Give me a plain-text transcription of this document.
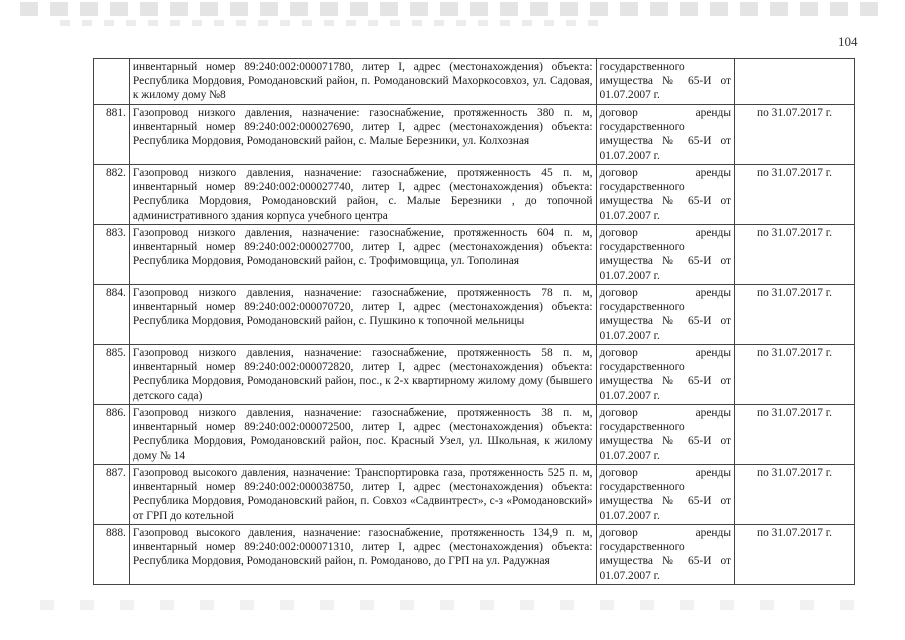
104
	инвентарный номер 89:240:002:000071780, литер I, адрес (местонахождения) объекта: Республика Мордовия, Ромодановский район, п. Ромодановский Махоркосовхоз, ул. Садовая, к жилому дому №8	государственного имущества № 65-И от 01.07.2007 г.	
881.	Газопровод низкого давления, назначение: газоснабжение, протяженность 380 п. м, инвентарный номер 89:240:002:000027690, литер I, адрес (местонахождения) объекта: Республика Мордовия, Ромодановский район, с. Малые Березники, ул. Колхозная	договор аренды государственного имущества № 65-И от 01.07.2007 г.	по 31.07.2017 г.
882.	Газопровод низкого давления, назначение: газоснабжение, протяженность 45 п. м, инвентарный номер 89:240:002:000027740, литер I, адрес (местонахождения) объекта: Республика Мордовия, Ромодановский район, с. Малые Березники , до топочной административного здания корпуса учебного центра	договор аренды государственного имущества № 65-И от 01.07.2007 г.	по 31.07.2017 г.
883.	Газопровод низкого давления, назначение: газоснабжение, протяженность 604 п. м, инвентарный номер 89:240:002:000027700, литер I, адрес (местонахождения) объекта: Республика Мордовия, Ромодановский район, с. Трофимовщица, ул. Тополиная	договор аренды государственного имущества № 65-И от 01.07.2007 г.	по 31.07.2017 г.
884.	Газопровод низкого давления, назначение: газоснабжение, протяженность 78 п. м, инвентарный номер 89:240:002:000070720, литер I, адрес (местонахождения) объекта: Республика Мордовия, Ромодановский район, с. Пушкино к топочной мельницы	договор аренды государственного имущества № 65-И от 01.07.2007 г.	по 31.07.2017 г.
885.	Газопровод низкого давления, назначение: газоснабжение, протяженность 58 п. м, инвентарный номер 89:240:002:000072820, литер I, адрес (местонахождения) объекта: Республика Мордовия, Ромодановский район, пос., к 2-х квартирному жилому дому (бывшего детского сада)	договор аренды государственного имущества № 65-И от 01.07.2007 г.	по 31.07.2017 г.
886.	Газопровод низкого давления, назначение: газоснабжение, протяженность 38 п. м, инвентарный номер 89:240:002:000072500, литер I, адрес (местонахождения) объекта: Республика Мордовия, Ромодановский район, пос. Красный Узел, ул. Школьная, к жилому дому № 14	договор аренды государственного имущества № 65-И от 01.07.2007 г.	по 31.07.2017 г.
887.	Газопровод высокого давления, назначение: Транспортировка газа, протяженность 525 п. м, инвентарный номер 89:240:002:000038750, литер I, адрес (местонахождения) объекта: Республика Мордовия, Ромодановский район, п. Совхоз «Садвинтрест», с-з «Ромодановский» от ГРП до котельной	договор аренды государственного имущества № 65-И от 01.07.2007 г.	по 31.07.2017 г.
888.	Газопровод высокого давления, назначение: газоснабжение, протяженность 134,9 п. м, инвентарный номер 89:240:002:000071310, литер I, адрес (местонахождения) объекта: Республика Мордовия, Ромодановский район, п. Ромоданово, до ГРП на ул. Радужная	договор аренды государственного имущества № 65-И от 01.07.2007 г.	по 31.07.2017 г.
